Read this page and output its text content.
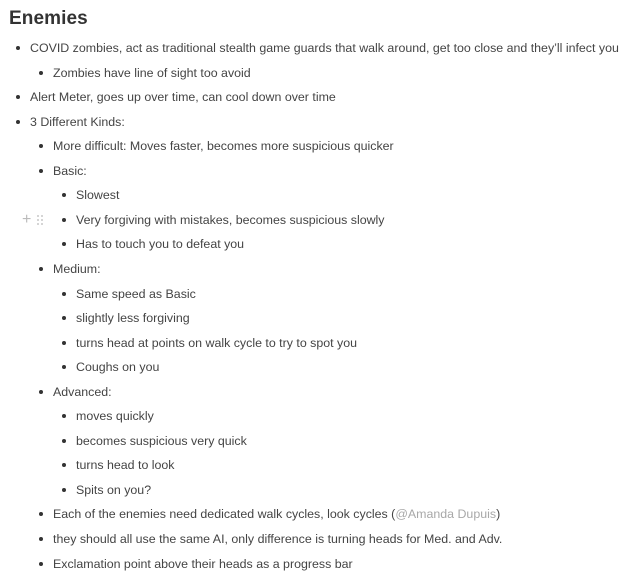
Enemies
+
COVID zombies, act as traditional stealth game guards that walk around, get too close and they’ll infect you
Zombies have line of sight too avoid
Alert Meter, goes up over time, can cool down over time
3 Different Kinds:
More difficult: Moves faster, becomes more suspicious quicker
Basic:
Slowest
Very forgiving with mistakes, becomes suspicious slowly
Has to touch you to defeat you
Medium:
Same speed as Basic
slightly less forgiving
turns head at points on walk cycle to try to spot you
Coughs on you
Advanced:
moves quickly
becomes suspicious very quick
turns head to look
Spits on you?
Each of the enemies need dedicated walk cycles, look cycles (@Amanda Dupuis)
they should all use the same AI, only difference is turning heads for Med. and Adv.
Exclamation point above their heads as a progress bar
